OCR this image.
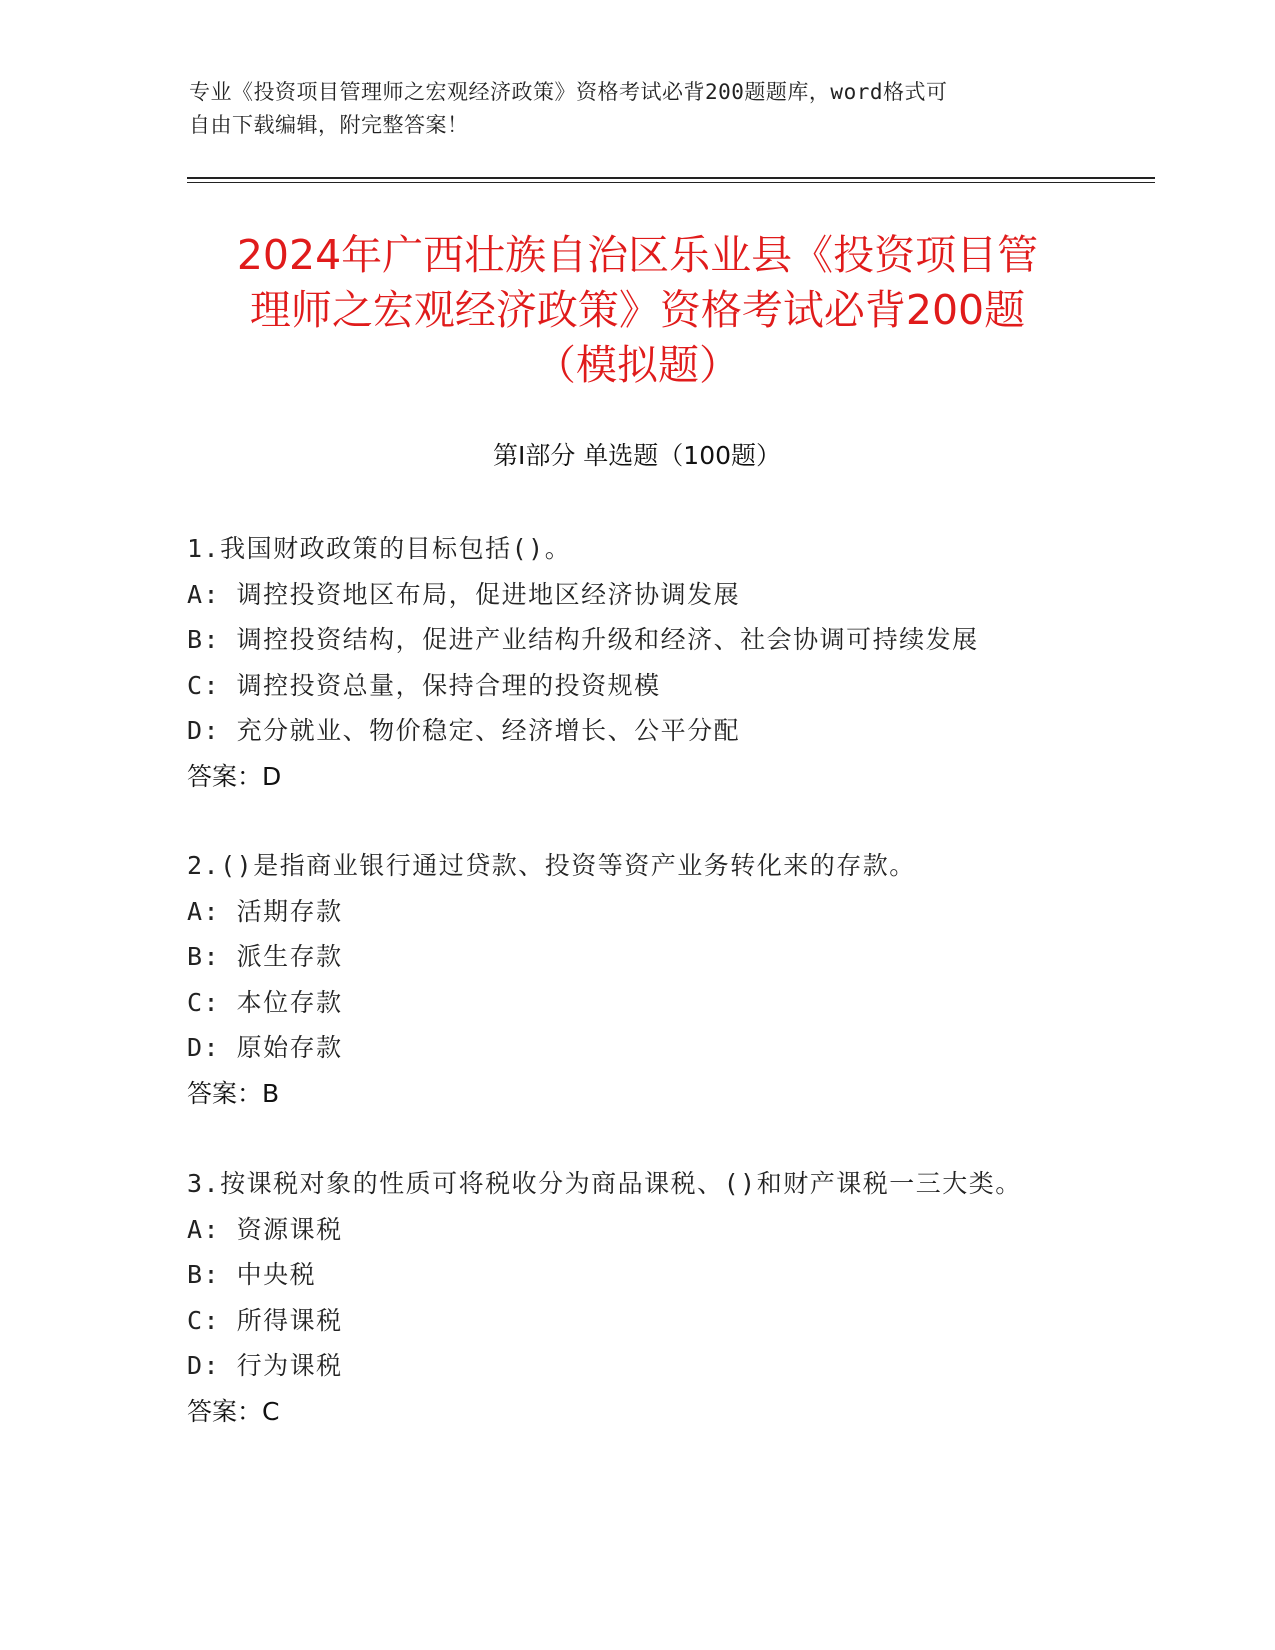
专业《投资项目管理师之宏观经济政策》资格考试必背200题题库，word格式可
自由下载编辑，附完整答案！
2024年广西壮族自治区乐业县《投资项目管
理师之宏观经济政策》资格考试必背200题
（模拟题）
第I部分 单选题（100题）

1.我国财政政策的目标包括()。

A: 调控投资地区布局，促进地区经济协调发展

B: 调控投资结构，促进产业结构升级和经济、社会协调可持续发展

C: 调控投资总量，保持合理的投资规模

D: 充分就业、物价稳定、经济增长、公平分配

答案：D

2.()是指商业银行通过贷款、投资等资产业务转化来的存款。

A: 活期存款

B: 派生存款

C: 本位存款

D: 原始存款

答案：B

3.按课税对象的性质可将税收分为商品课税、()和财产课税一三大类。

A: 资源课税

B: 中央税

C: 所得课税

D: 行为课税

答案：C
